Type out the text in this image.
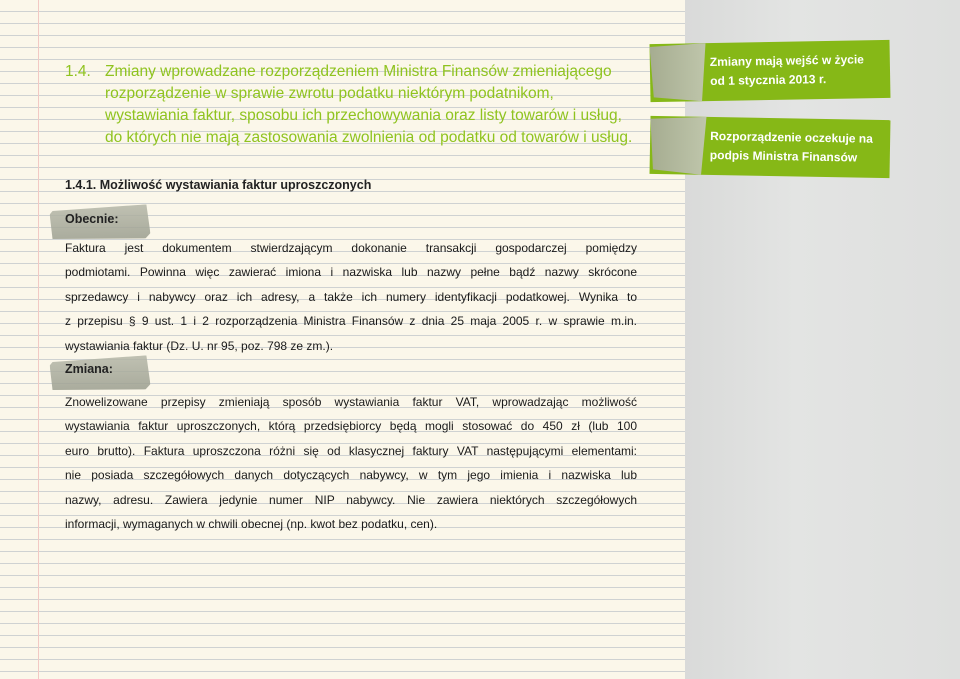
1.4. Zmiany wprowadzane rozporządzeniem Ministra Finansów zmieniającego
rozporządzenie w sprawie zwrotu podatku niektórym podatnikom,
wystawiania faktur, sposobu ich przechowywania oraz listy towarów i usług,
do których nie mają zastosowania zwolnienia od podatku od towarów i usług.

1.4.1. Możliwość wystawiania faktur uproszczonych

Obecnie:

Faktura jest dokumentem stwierdzającym dokonanie transakcji gospodarczej pomiędzy
podmiotami. Powinna więc zawierać imiona i nazwiska lub nazwy pełne bądź nazwy skrócone
sprzedawcy i nabywcy oraz ich adresy, a także ich numery identyfikacji podatkowej. Wynika to
z przepisu § 9 ust. 1 i 2 rozporządzenia Ministra Finansów z dnia 25 maja 2005 r. w sprawie m.in.
wystawiania faktur (Dz. U. nr 95, poz. 798 ze zm.).

Zmiana:

Znowelizowane przepisy zmieniają sposób wystawiania faktur VAT, wprowadzając możliwość
wystawiania faktur uproszczonych, którą przedsiębiorcy będą mogli stosować do 450 zł (lub 100
euro brutto). Faktura uproszczona różni się od klasycznej faktury VAT następującymi elementami:
nie posiada szczegółowych danych dotyczących nabywcy, w tym jego imienia i nazwiska lub
nazwy, adresu. Zawiera jedynie numer NIP nabywcy. Nie zawiera niektórych szczegółowych
informacji, wymaganych w chwili obecnej (np. kwot bez podatku, cen).
Zmiany mają wejść w życie
od 1 stycznia 2013 r.
Rozporządzenie oczekuje na
podpis Ministra Finansów
